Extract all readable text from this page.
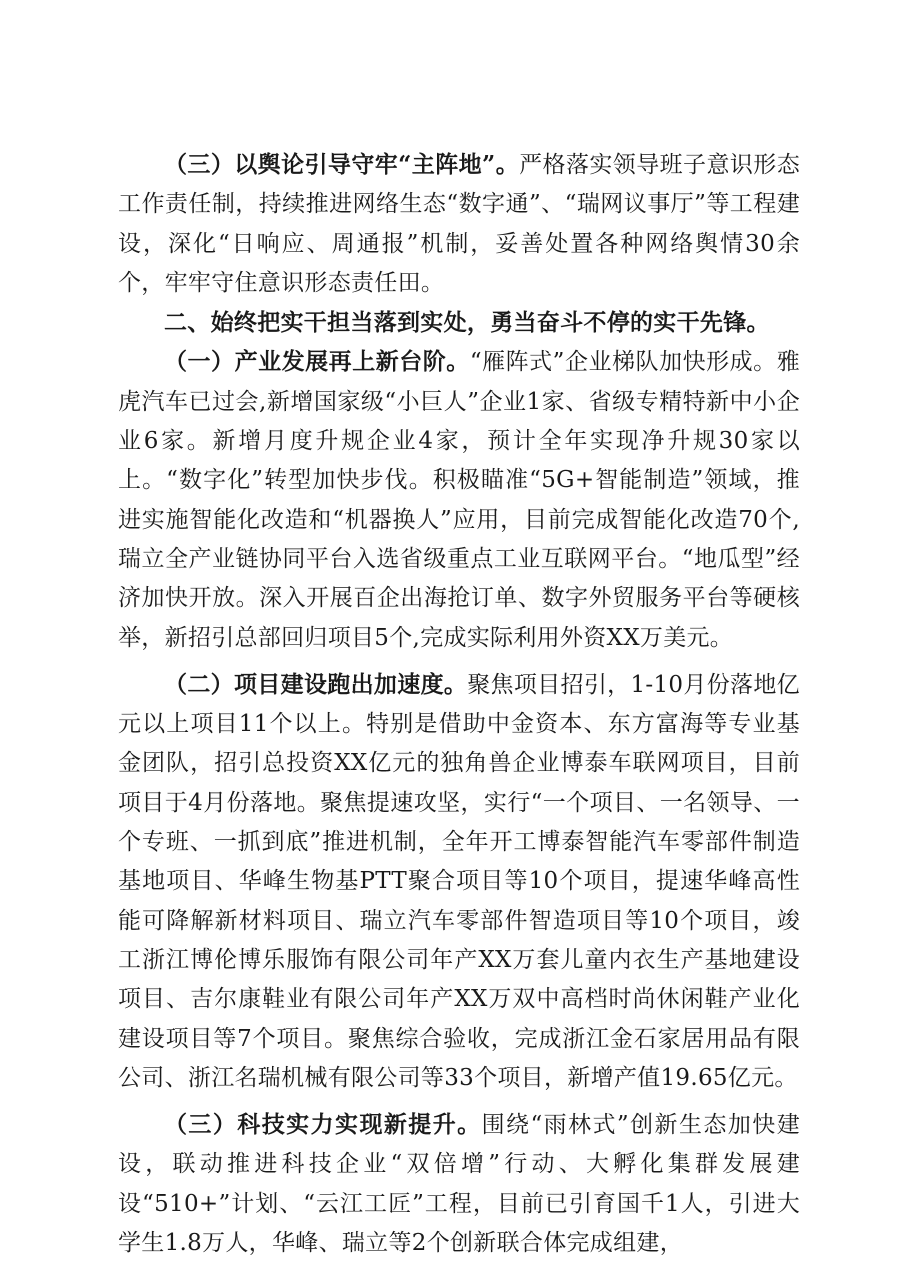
（三）以舆论引导守牢“主阵地”。严格落实领导班子意识形态工作责任制，持续推进网络生态“数字通”、“瑞网议事厅”等工程建设，深化“日响应、周通报”机制，妥善处置各种网络舆情30余个，牢牢守住意识形态责任田。

二、始终把实干担当落到实处，勇当奋斗不停的实干先锋。

（一）产业发展再上新台阶。“雁阵式”企业梯队加快形成。雅虎汽车已过会,新增国家级“小巨人”企业1家、省级专精特新中小企业6家。新增月度升规企业4家，预计全年实现净升规30家以上。“数字化”转型加快步伐。积极瞄准“5G+智能制造”领域，推进实施智能化改造和“机器换人”应用，目前完成智能化改造70个,瑞立全产业链协同平台入选省级重点工业互联网平台。“地瓜型”经济加快开放。深入开展百企出海抢订单、数字外贸服务平台等硬核举，新招引总部回归项目5个,完成实际利用外资XX万美元。

（二）项目建设跑出加速度。聚焦项目招引，1-10月份落地亿元以上项目11个以上。特别是借助中金资本、东方富海等专业基金团队，招引总投资XX亿元的独角兽企业博泰车联网项目，目前项目于4月份落地。聚焦提速攻坚，实行“一个项目、一名领导、一个专班、一抓到底”推进机制，全年开工博泰智能汽车零部件制造基地项目、华峰生物基PTT聚合项目等10个项目，提速华峰高性能可降解新材料项目、瑞立汽车零部件智造项目等10个项目，竣工浙江博伦博乐服饰有限公司年产XX万套儿童内衣生产基地建设项目、吉尔康鞋业有限公司年产XX万双中高档时尚休闲鞋产业化建设项目等7个项目。聚焦综合验收，完成浙江金石家居用品有限公司、浙江名瑞机械有限公司等33个项目，新增产值19.65亿元。

（三）科技实力实现新提升。围绕“雨林式”创新生态加快建设，联动推进科技企业“双倍增”行动、大孵化集群发展建设“510+”计划、“云江工匠”工程，目前已引育国千1人，引进大学生1.8万人，华峰、瑞立等2个创新联合体完成组建，
